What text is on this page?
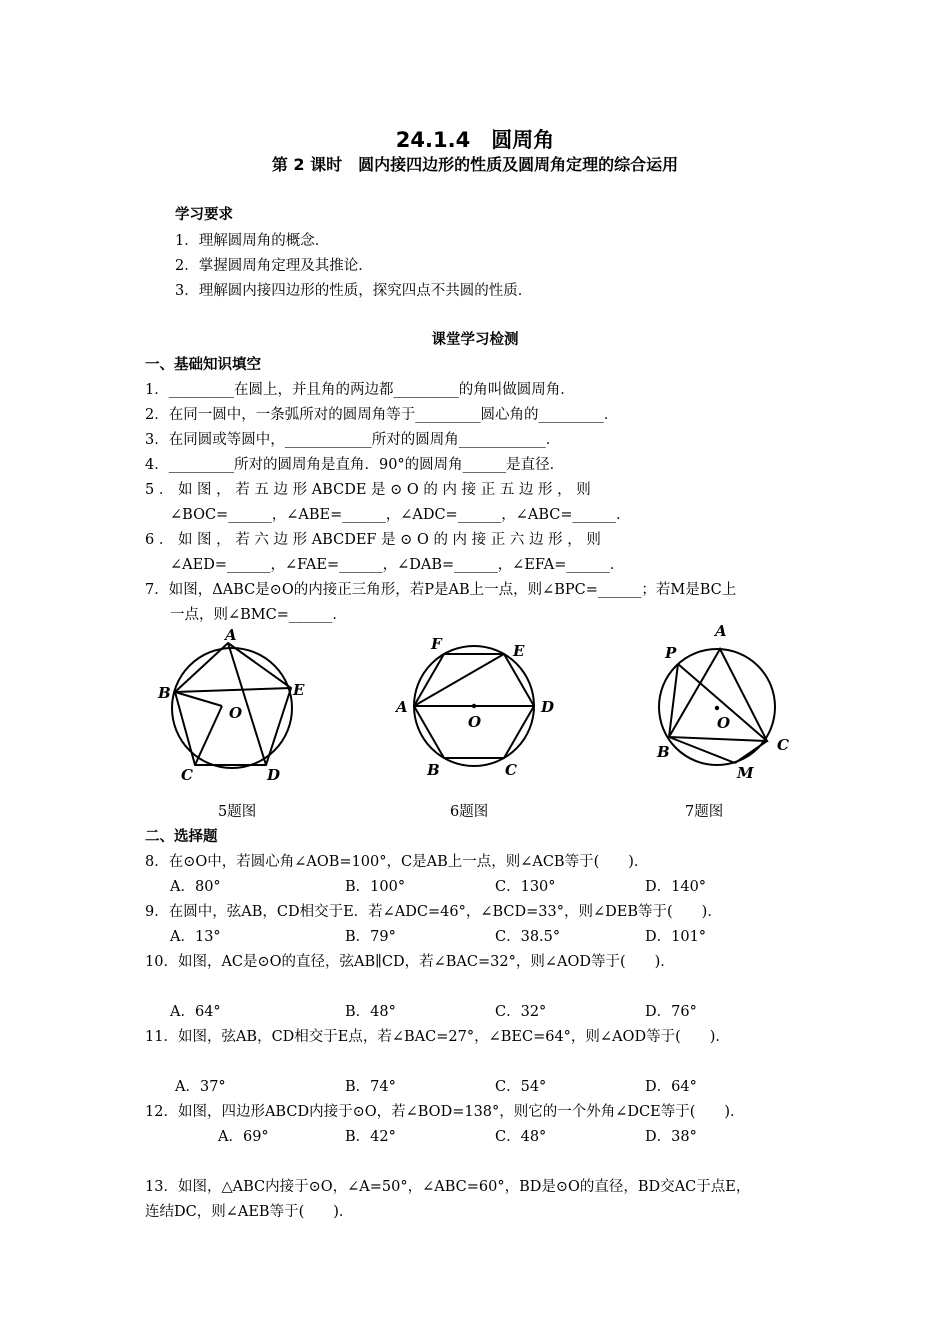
24.1.4　圆周角
第 2 课时　圆内接四边形的性质及圆周角定理的综合运用
学习要求
1．理解圆周角的概念．
2．掌握圆周角定理及其推论．
3．理解圆内接四边形的性质，探究四点不共圆的性质．
课堂学习检测
一、基础知识填空
1．_________在圆上，并且角的两边都_________的角叫做圆周角．
2．在同一圆中，一条弧所对的圆周角等于_________圆心角的_________．
3．在同圆或等圆中，____________所对的圆周角____________．
4．_________所对的圆周角是直角．90°的圆周角______是直径．
5 ． 如 图 ， 若 五 边 形 ABCDE 是 ⊙ O 的 内 接 正 五 边 形 ， 则
∠BOC=______，∠ABE=______，∠ADC=______，∠ABC=______．
6 ． 如 图 ， 若 六 边 形 ABCDEF 是 ⊙ O 的 内 接 正 六 边 形 ， 则
∠AED=______，∠FAE=______，∠DAB=______，∠EFA=______．
7．如图，ΔABC是⊙O的内接正三角形，若P是AB上一点，则∠BPC=______；若M是BC上
一点，则∠BMC=______．
A
B
C	D
E
O
5题图
A
B	C
D
E
F
O
6题图
A
B	C
P
M
O
7题图
二、选择题
8．在⊙O中，若圆心角∠AOB=100°，C是AB上一点，则∠ACB等于(　　)．
A．80°	B．100°	C．130°	D．140°
9．在圆中，弦AB，CD相交于E．若∠ADC=46°，∠BCD=33°，则∠DEB等于(　　)．
A．13°	B．79°	C．38.5°	D．101°
10．如图，AC是⊙O的直径，弦AB∥CD，若∠BAC=32°，则∠AOD等于(　　)．
A．64°	B．48°	C．32°	D．76°
11．如图，弦AB，CD相交于E点，若∠BAC=27°，∠BEC=64°，则∠AOD等于(　　)．
A．37°	B．74°	C．54°	D．64°
12．如图，四边形ABCD内接于⊙O，若∠BOD=138°，则它的一个外角∠DCE等于(　　)．
A．69°	B．42°	C．48°	D．38°
13．如图，△ABC内接于⊙O，∠A=50°，∠ABC=60°，BD是⊙O的直径，BD交AC于点E，
连结DC，则∠AEB等于(　　)．
